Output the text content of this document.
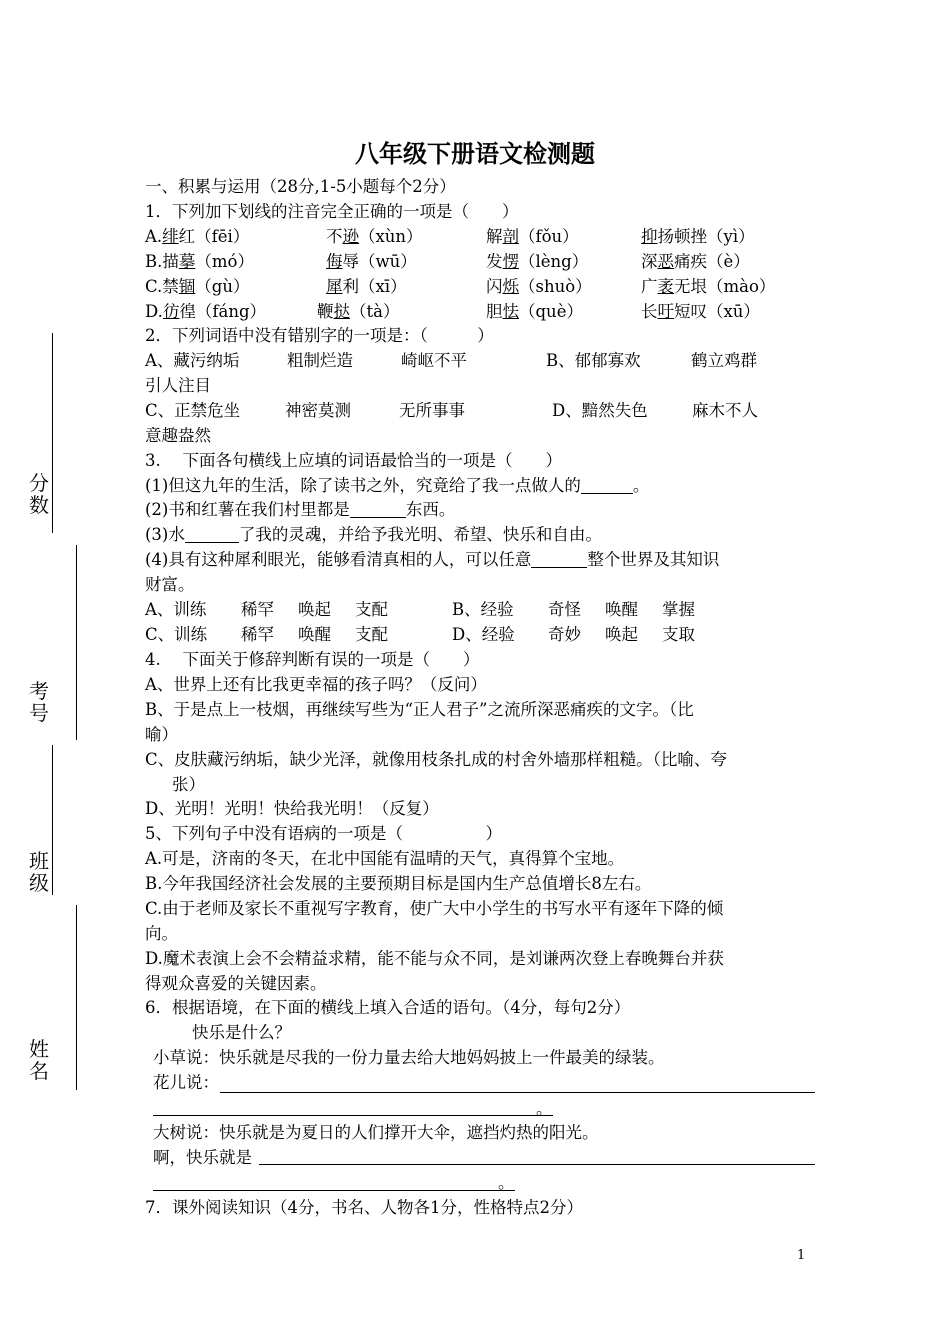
分数
考号
班级
姓名
八年级下册语文检测题
一、积累与运用（28分,1-5小题每个2分）
1．下列加下划线的注音完全正确的一项是（　　）
A.绯红（fēi）	不逊（xùn）	解剖（fǒu）	抑扬顿挫（yì）
B.描摹（mó）	侮辱（wū）	发愣（lèng）	深恶痛疾（è）
C.禁锢（gù）	犀利（xī）	闪烁（shuò）	广袤无垠（mào）
D.彷徨（fáng）	鞭挞（tà）	胆怯（què）	长吁短叹（xū）
2．下列词语中没有错别字的一项是：（　　　）
A、藏污纳垢	粗制烂造	崎岖不平	B、郁郁寡欢	鹤立鸡群
引人注目
C、正禁危坐	神密莫测	无所事事	D、黯然失色	麻木不人
意趣盎然
3.　 下面各句横线上应填的词语最恰当的一项是（　　）
(1)但这九年的生活，除了读书之外，究竟给了我一点做人的	。
(2)书和红薯在我们村里都是	东西。
(3)水	了我的灵魂，并给予我光明、希望、快乐和自由。
(4)具有这种犀利眼光，能够看清真相的人，可以任意	整个世界及其知识
财富。
A、训练 稀罕 唤起 支配	B、经验 奇怪 唤醒 掌握
C、训练 稀罕 唤醒 支配	D、经验 奇妙 唤起 支取
4.　 下面关于修辞判断有误的一项是（　　）
A、世界上还有比我更幸福的孩子吗？（反问）
B、于是点上一枝烟，再继续写些为“正人君子”之流所深恶痛疾的文字。（比
喻）
C、皮肤藏污纳垢，缺少光泽，就像用枝条扎成的村舍外墙那样粗糙。（比喻、夸
张）
D、光明！光明！快给我光明！（反复）
5、下列句子中没有语病的一项是（　　　　　）
A.可是，济南的冬天，在北中国能有温晴的天气，真得算个宝地。
B.今年我国经济社会发展的主要预期目标是国内生产总值增长8左右。
C.由于老师及家长不重视写字教育，使广大中小学生的书写水平有逐年下降的倾
向。
D.魔术表演上会不会精益求精，能不能与众不同，是刘谦两次登上春晚舞台并获
得观众喜爱的关键因素。
6．根据语境，在下面的横线上填入合适的语句。（4分，每句2分）
快乐是什么？
小草说：快乐就是尽我的一份力量去给大地妈妈披上一件最美的绿装。
花儿说：
。
大树说：快乐就是为夏日的人们撑开大伞，遮挡灼热的阳光。
啊，快乐就是
。
7．课外阅读知识（4分，书名、人物各1分，性格特点2分）
1
